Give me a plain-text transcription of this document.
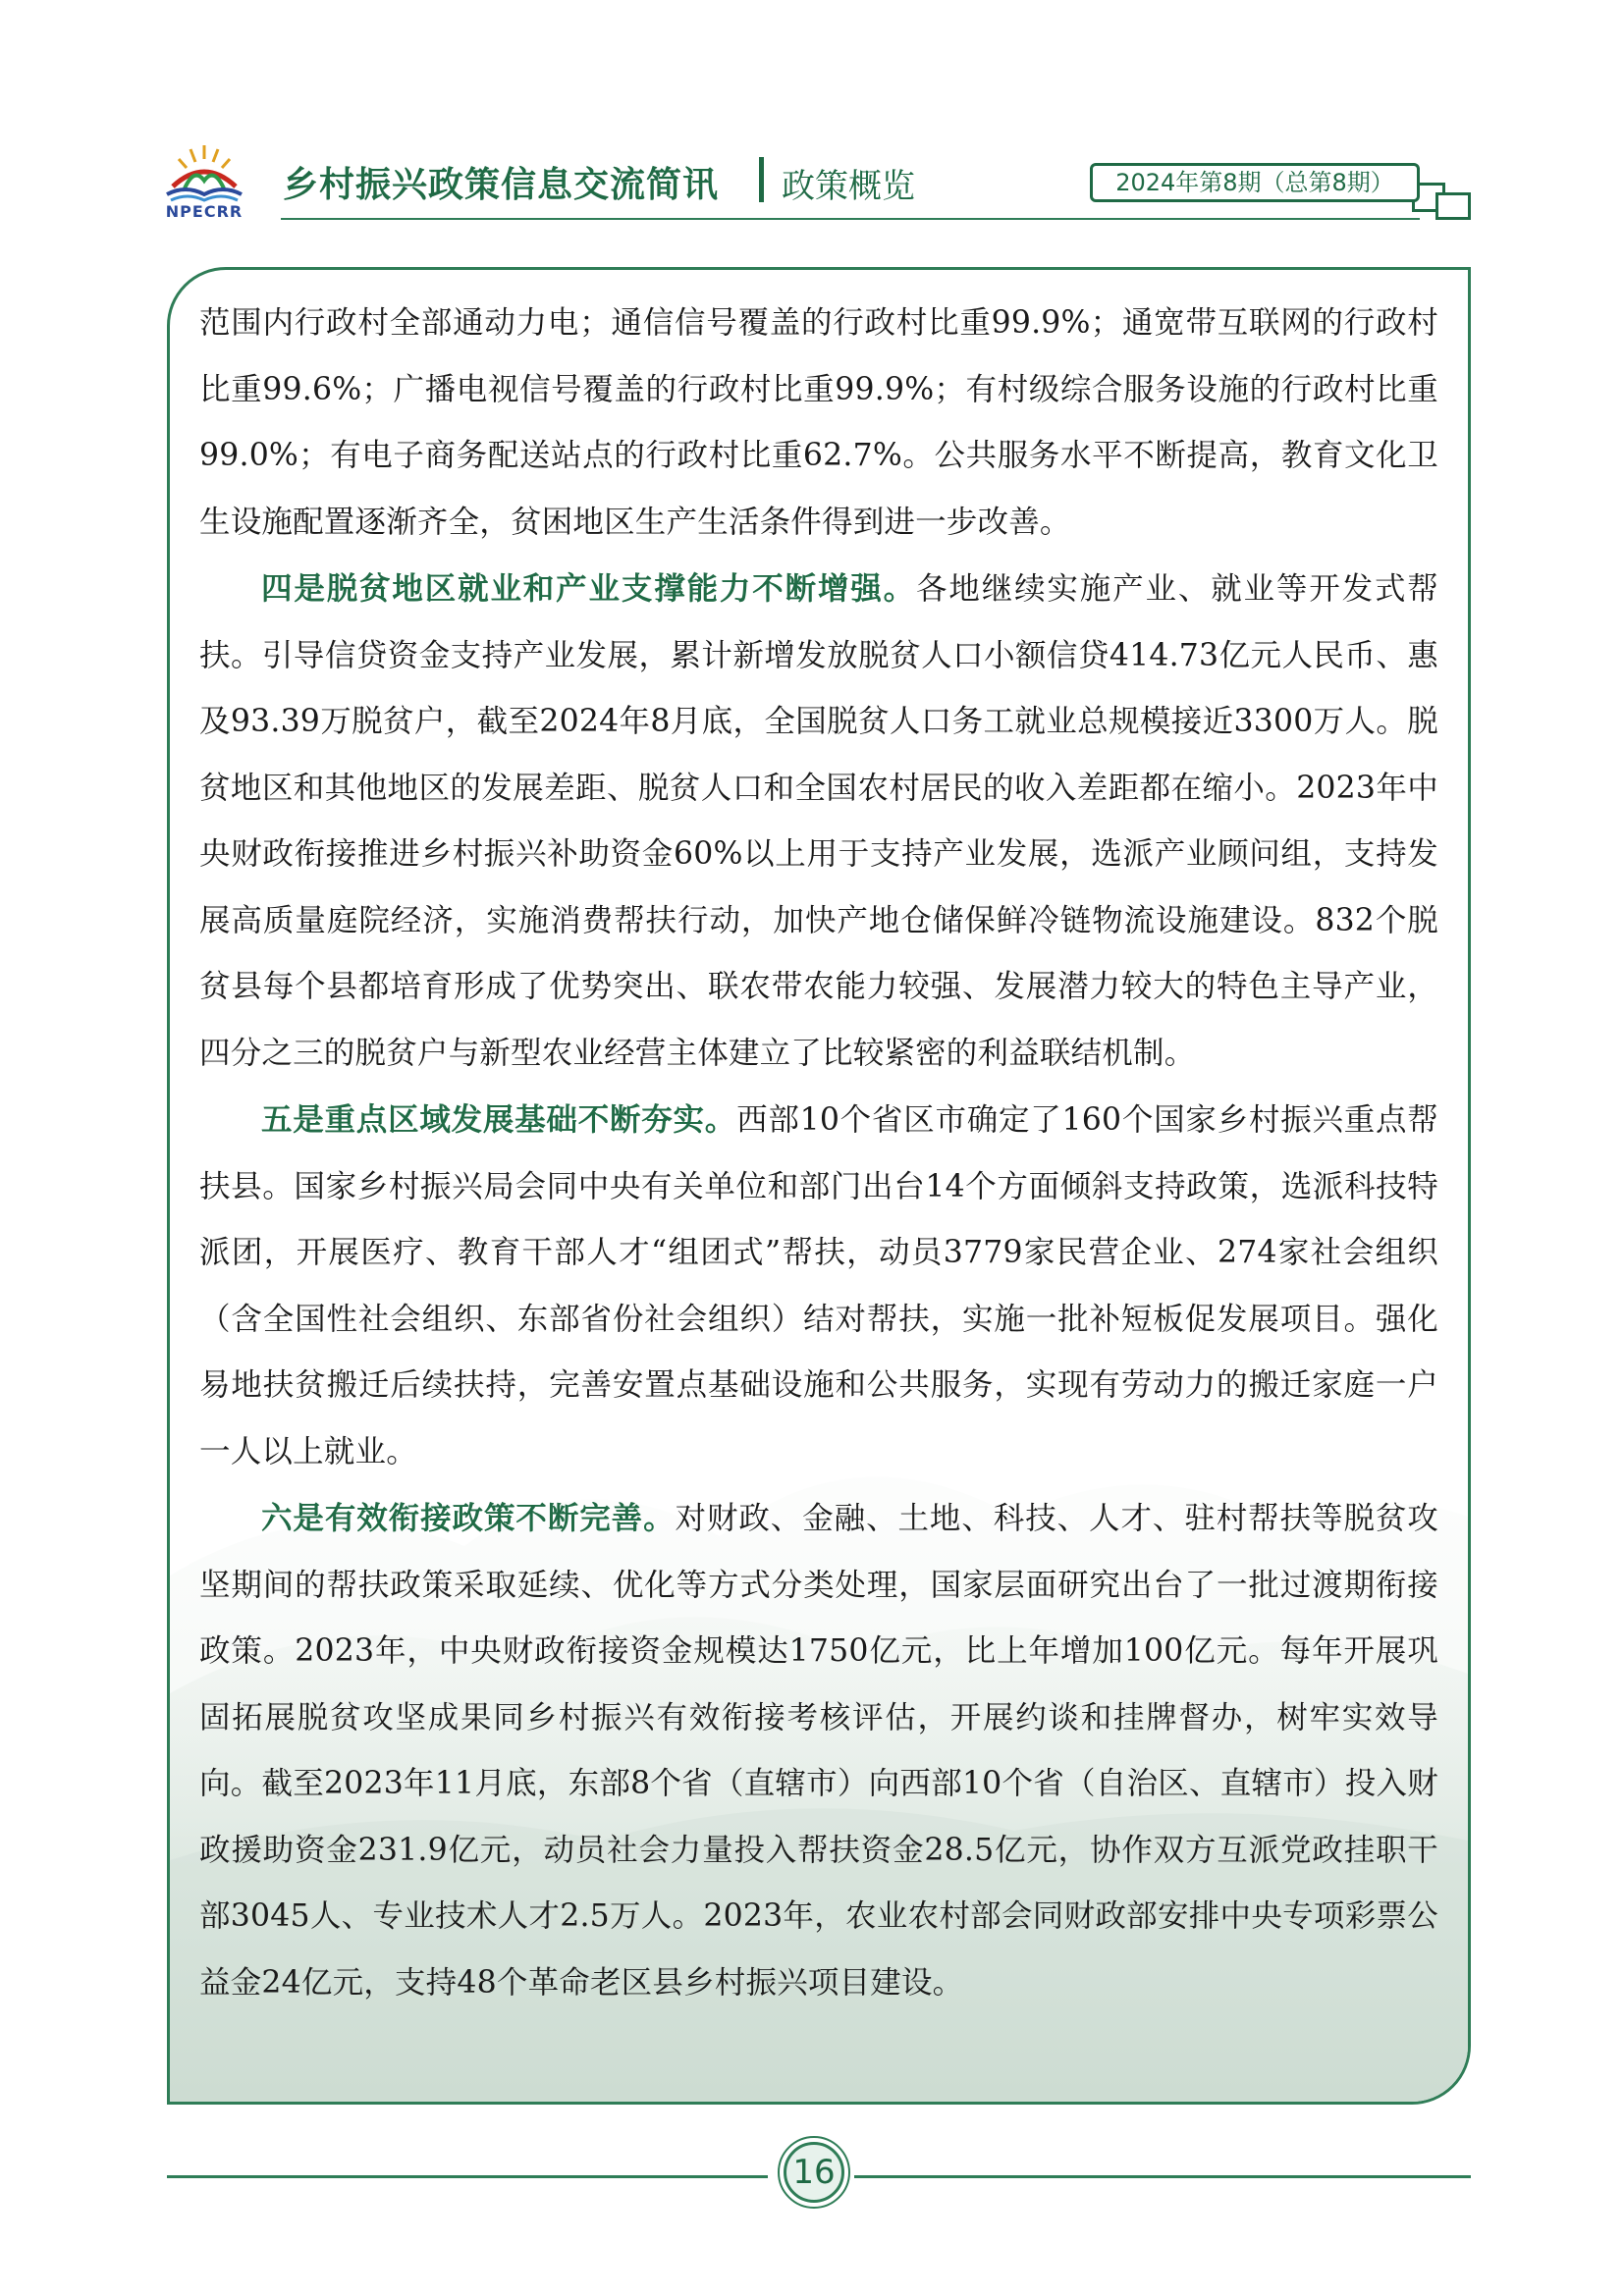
NPECRR
乡村振兴政策信息交流简讯 政策概览	2024年第8期（总第8期）

范围内行政村全部通动力电；通信信号覆盖的行政村比重99.9%；通宽带互联网的行政村比重99.6%；广播电视信号覆盖的行政村比重99.9%；有村级综合服务设施的行政村比重99.0%；有电子商务配送站点的行政村比重62.7%。公共服务水平不断提高，教育文化卫生设施配置逐渐齐全，贫困地区生产生活条件得到进一步改善。

四是脱贫地区就业和产业支撑能力不断增强。各地继续实施产业、就业等开发式帮扶。引导信贷资金支持产业发展，累计新增发放脱贫人口小额信贷414.73亿元人民币、惠及93.39万脱贫户，截至2024年8月底，全国脱贫人口务工就业总规模接近3300万人。脱贫地区和其他地区的发展差距、脱贫人口和全国农村居民的收入差距都在缩小。2023年中央财政衔接推进乡村振兴补助资金60%以上用于支持产业发展，选派产业顾问组，支持发展高质量庭院经济，实施消费帮扶行动，加快产地仓储保鲜冷链物流设施建设。832个脱贫县每个县都培育形成了优势突出、联农带农能力较强、发展潜力较大的特色主导产业，四分之三的脱贫户与新型农业经营主体建立了比较紧密的利益联结机制。

五是重点区域发展基础不断夯实。西部10个省区市确定了160个国家乡村振兴重点帮扶县。国家乡村振兴局会同中央有关单位和部门出台14个方面倾斜支持政策，选派科技特派团，开展医疗、教育干部人才“组团式”帮扶，动员3779家民营企业、274家社会组织（含全国性社会组织、东部省份社会组织）结对帮扶，实施一批补短板促发展项目。强化易地扶贫搬迁后续扶持，完善安置点基础设施和公共服务，实现有劳动力的搬迁家庭一户一人以上就业。

六是有效衔接政策不断完善。对财政、金融、土地、科技、人才、驻村帮扶等脱贫攻坚期间的帮扶政策采取延续、优化等方式分类处理，国家层面研究出台了一批过渡期衔接政策。2023年，中央财政衔接资金规模达1750亿元，比上年增加100亿元。每年开展巩固拓展脱贫攻坚成果同乡村振兴有效衔接考核评估，开展约谈和挂牌督办，树牢实效导向。截至2023年11月底，东部8个省（直辖市）向西部10个省（自治区、直辖市）投入财政援助资金231.9亿元，动员社会力量投入帮扶资金28.5亿元，协作双方互派党政挂职干部3045人、专业技术人才2.5万人。2023年，农业农村部会同财政部安排中央专项彩票公益金24亿元，支持48个革命老区县乡村振兴项目建设。

16
